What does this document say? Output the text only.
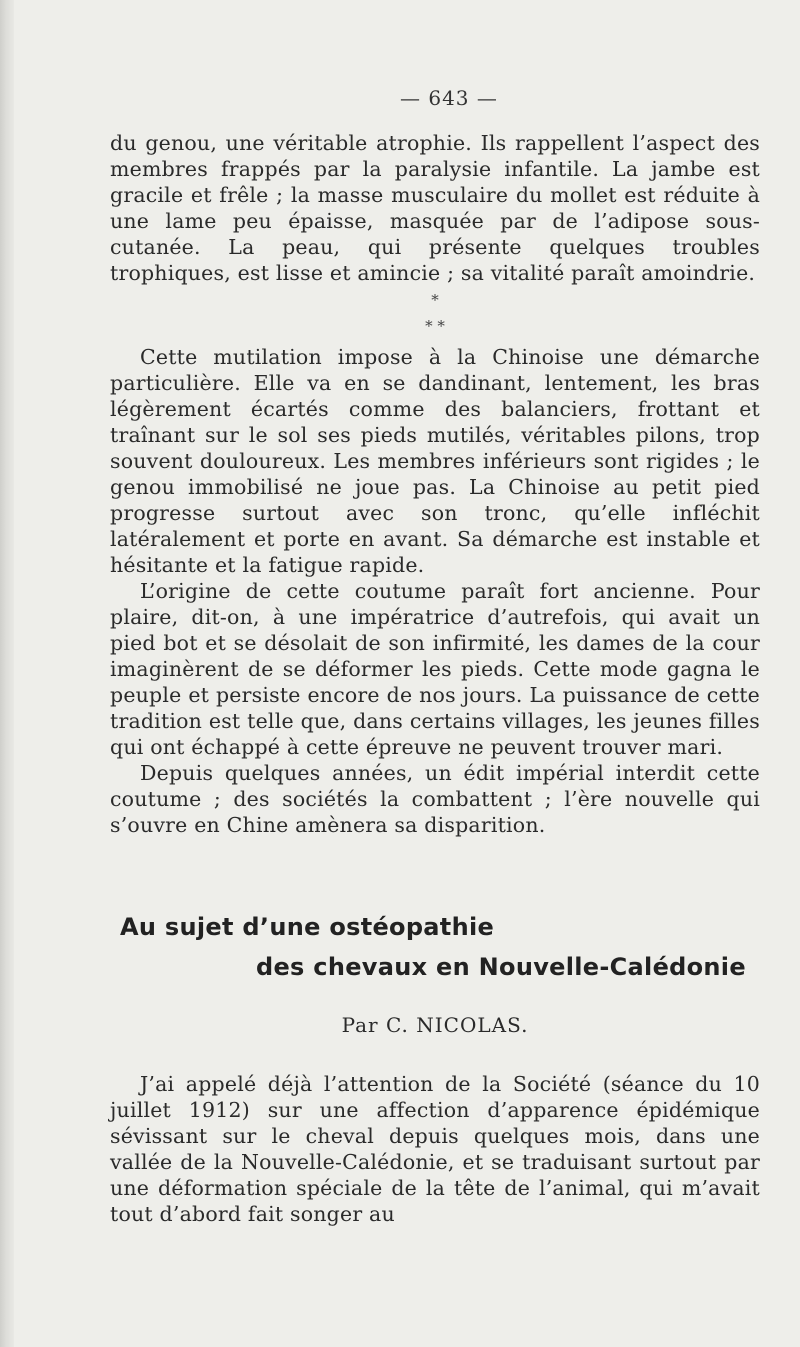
— 643 —

du genou, une véritable atrophie. Ils rappellent l’aspect des membres frappés par la paralysie infantile. La jambe est gracile et frêle ; la masse musculaire du mollet est réduite à une lame peu épaisse, masquée par de l’adipose sous-cutanée. La peau, qui présente quelques troubles trophiques, est lisse et amincie ; sa vitalité paraît amoindrie.

*
* *

Cette mutilation impose à la Chinoise une démarche particulière. Elle va en se dandinant, lentement, les bras légèrement écartés comme des balanciers, frottant et traînant sur le sol ses pieds mutilés, véritables pilons, trop souvent douloureux. Les membres inférieurs sont rigides ; le genou immobilisé ne joue pas. La Chinoise au petit pied progresse surtout avec son tronc, qu’elle infléchit latéralement et porte en avant. Sa démarche est instable et hésitante et la fatigue rapide.

L’origine de cette coutume paraît fort ancienne. Pour plaire, dit-on, à une impératrice d’autrefois, qui avait un pied bot et se désolait de son infirmité, les dames de la cour imaginèrent de se déformer les pieds. Cette mode gagna le peuple et persiste encore de nos jours. La puissance de cette tradition est telle que, dans certains villages, les jeunes filles qui ont échappé à cette épreuve ne peuvent trouver mari.

Depuis quelques années, un édit impérial interdit cette coutume ; des sociétés la combattent ; l’ère nouvelle qui s’ouvre en Chine amènera sa disparition.

Au sujet d’une ostéopathie
des chevaux en Nouvelle-Calédonie
Par C. NICOLAS.

J’ai appelé déjà l’attention de la Société (séance du 10 juillet 1912) sur une affection d’apparence épidémique sévissant sur le cheval depuis quelques mois, dans une vallée de la Nouvelle-Calédonie, et se traduisant surtout par une déformation spéciale de la tête de l’animal, qui m’avait tout d’abord fait songer au
